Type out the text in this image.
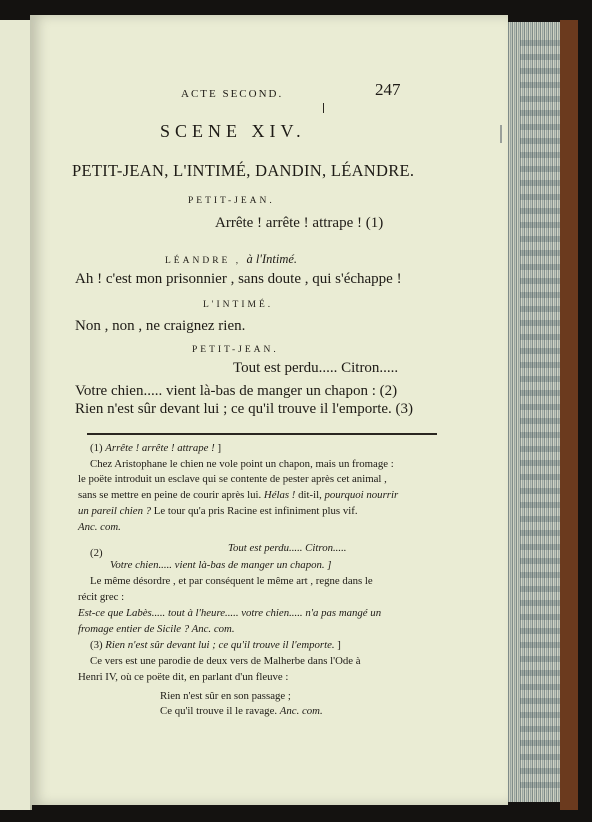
ACTE SECOND.	247
SCENE XIV.
PETIT-JEAN, L'INTIMÉ, DANDIN, LÉANDRE.
PETIT-JEAN.
Arrête ! arrête ! attrape ! (1)
LÉANDRE , à l'Intimé.
Ah ! c'est mon prisonnier , sans doute , qui s'échappe !
L'INTIMÉ.
Non , non , ne craignez rien.
PETIT-JEAN.
Tout est perdu..... Citron.....
Votre chien..... vient là-bas de manger un chapon : (2)
Rien n'est sûr devant lui ; ce qu'il trouve il l'emporte. (3)
(1) Arrête ! arrête ! attrape ! ]
Chez Aristophane le chien ne vole point un chapon, mais un fromage :
le poëte introduit un esclave qui se contente de pester après cet animal ,
sans se mettre en peine de courir après lui. Hélas ! dit-il, pourquoi nourrir
un pareil chien ? Le tour qu'a pris Racine est infiniment plus vif.
Anc. com.
(2)	Tout est perdu..... Citron.....
Votre chien..... vient là-bas de manger un chapon. ]
Le même désordre , et par conséquent le même art , regne dans le
récit grec :
Est-ce que Labès..... tout à l'heure..... votre chien..... n'a pas mangé un
fromage entier de Sicile ? Anc. com.
(3) Rien n'est sûr devant lui ; ce qu'il trouve il l'emporte. ]
Ce vers est une parodie de deux vers de Malherbe dans l'Ode à
Henri IV, où ce poëte dit, en parlant d'un fleuve :
Rien n'est sûr en son passage ;
Ce qu'il trouve il le ravage. Anc. com.
